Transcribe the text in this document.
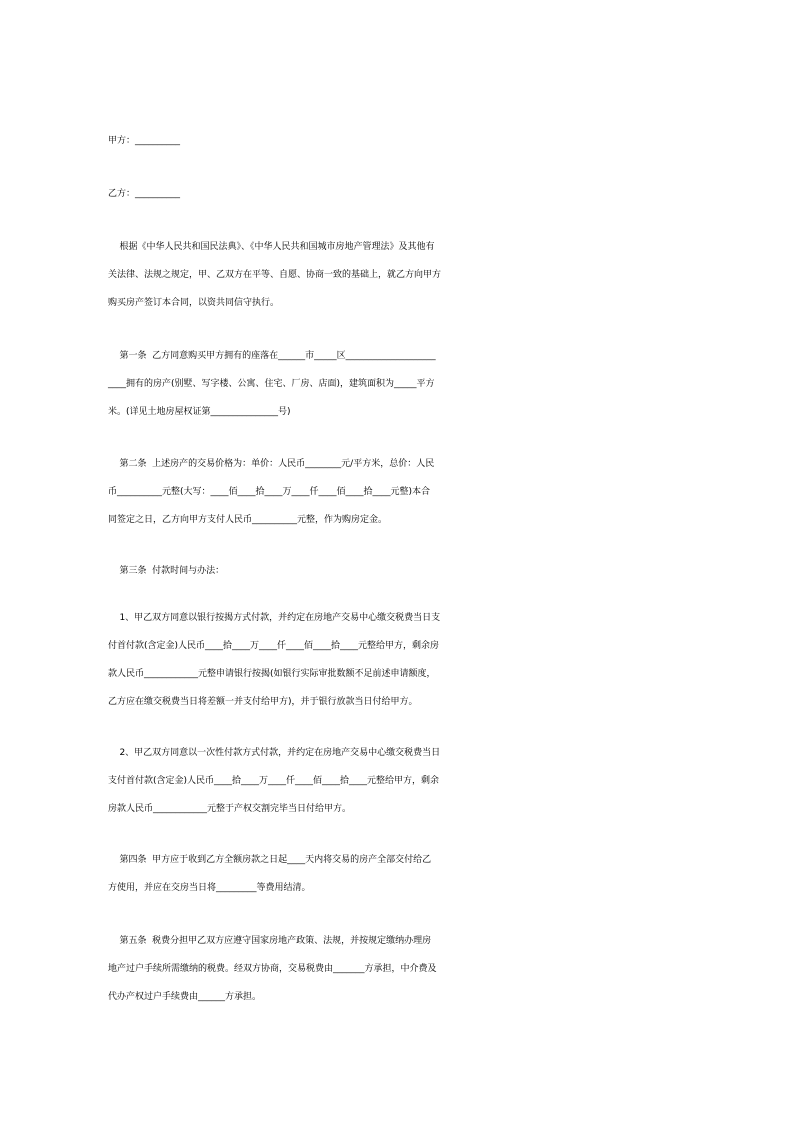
甲方：__________
乙方：__________
根据《中华人民共和国民法典》、《中华人民共和国城市房地产管理法》及其他有
关法律、法规之规定，甲、乙双方在平等、自愿、协商一致的基础上，就乙方向甲方
购买房产签订本合同，以资共同信守执行。
第一条  乙方同意购买甲方拥有的座落在______市_____区____________________
____拥有的房产(别墅、写字楼、公寓、住宅、厂房、店面)，建筑面积为_____平方
米。(详见土地房屋权证第_______________号)
第二条  上述房产的交易价格为：单价：人民币________元/平方米，总价：人民
币__________元整(大写：____佰____拾____万____仟____佰____拾____元整)本合
同签定之日，乙方向甲方支付人民币__________元整，作为购房定金。
第三条  付款时间与办法：
1、甲乙双方同意以银行按揭方式付款，并约定在房地产交易中心缴交税费当日支
付首付款(含定金)人民币____拾____万____仟____佰____拾____元整给甲方，剩余房
款人民币____________元整申请银行按揭(如银行实际审批数额不足前述申请额度，
乙方应在缴交税费当日将差额一并支付给甲方)，并于银行放款当日付给甲方。
2、甲乙双方同意以一次性付款方式付款，并约定在房地产交易中心缴交税费当日
支付首付款(含定金)人民币____拾____万____仟____佰____拾____元整给甲方，剩余
房款人民币____________元整于产权交割完毕当日付给甲方。
第四条  甲方应于收到乙方全额房款之日起____天内将交易的房产全部交付给乙
方使用，并应在交房当日将_________等费用结清。
第五条  税费分担甲乙双方应遵守国家房地产政策、法规，并按规定缴纳办理房
地产过户手续所需缴纳的税费。经双方协商，交易税费由_______方承担，中介费及
代办产权过户手续费由______方承担。
